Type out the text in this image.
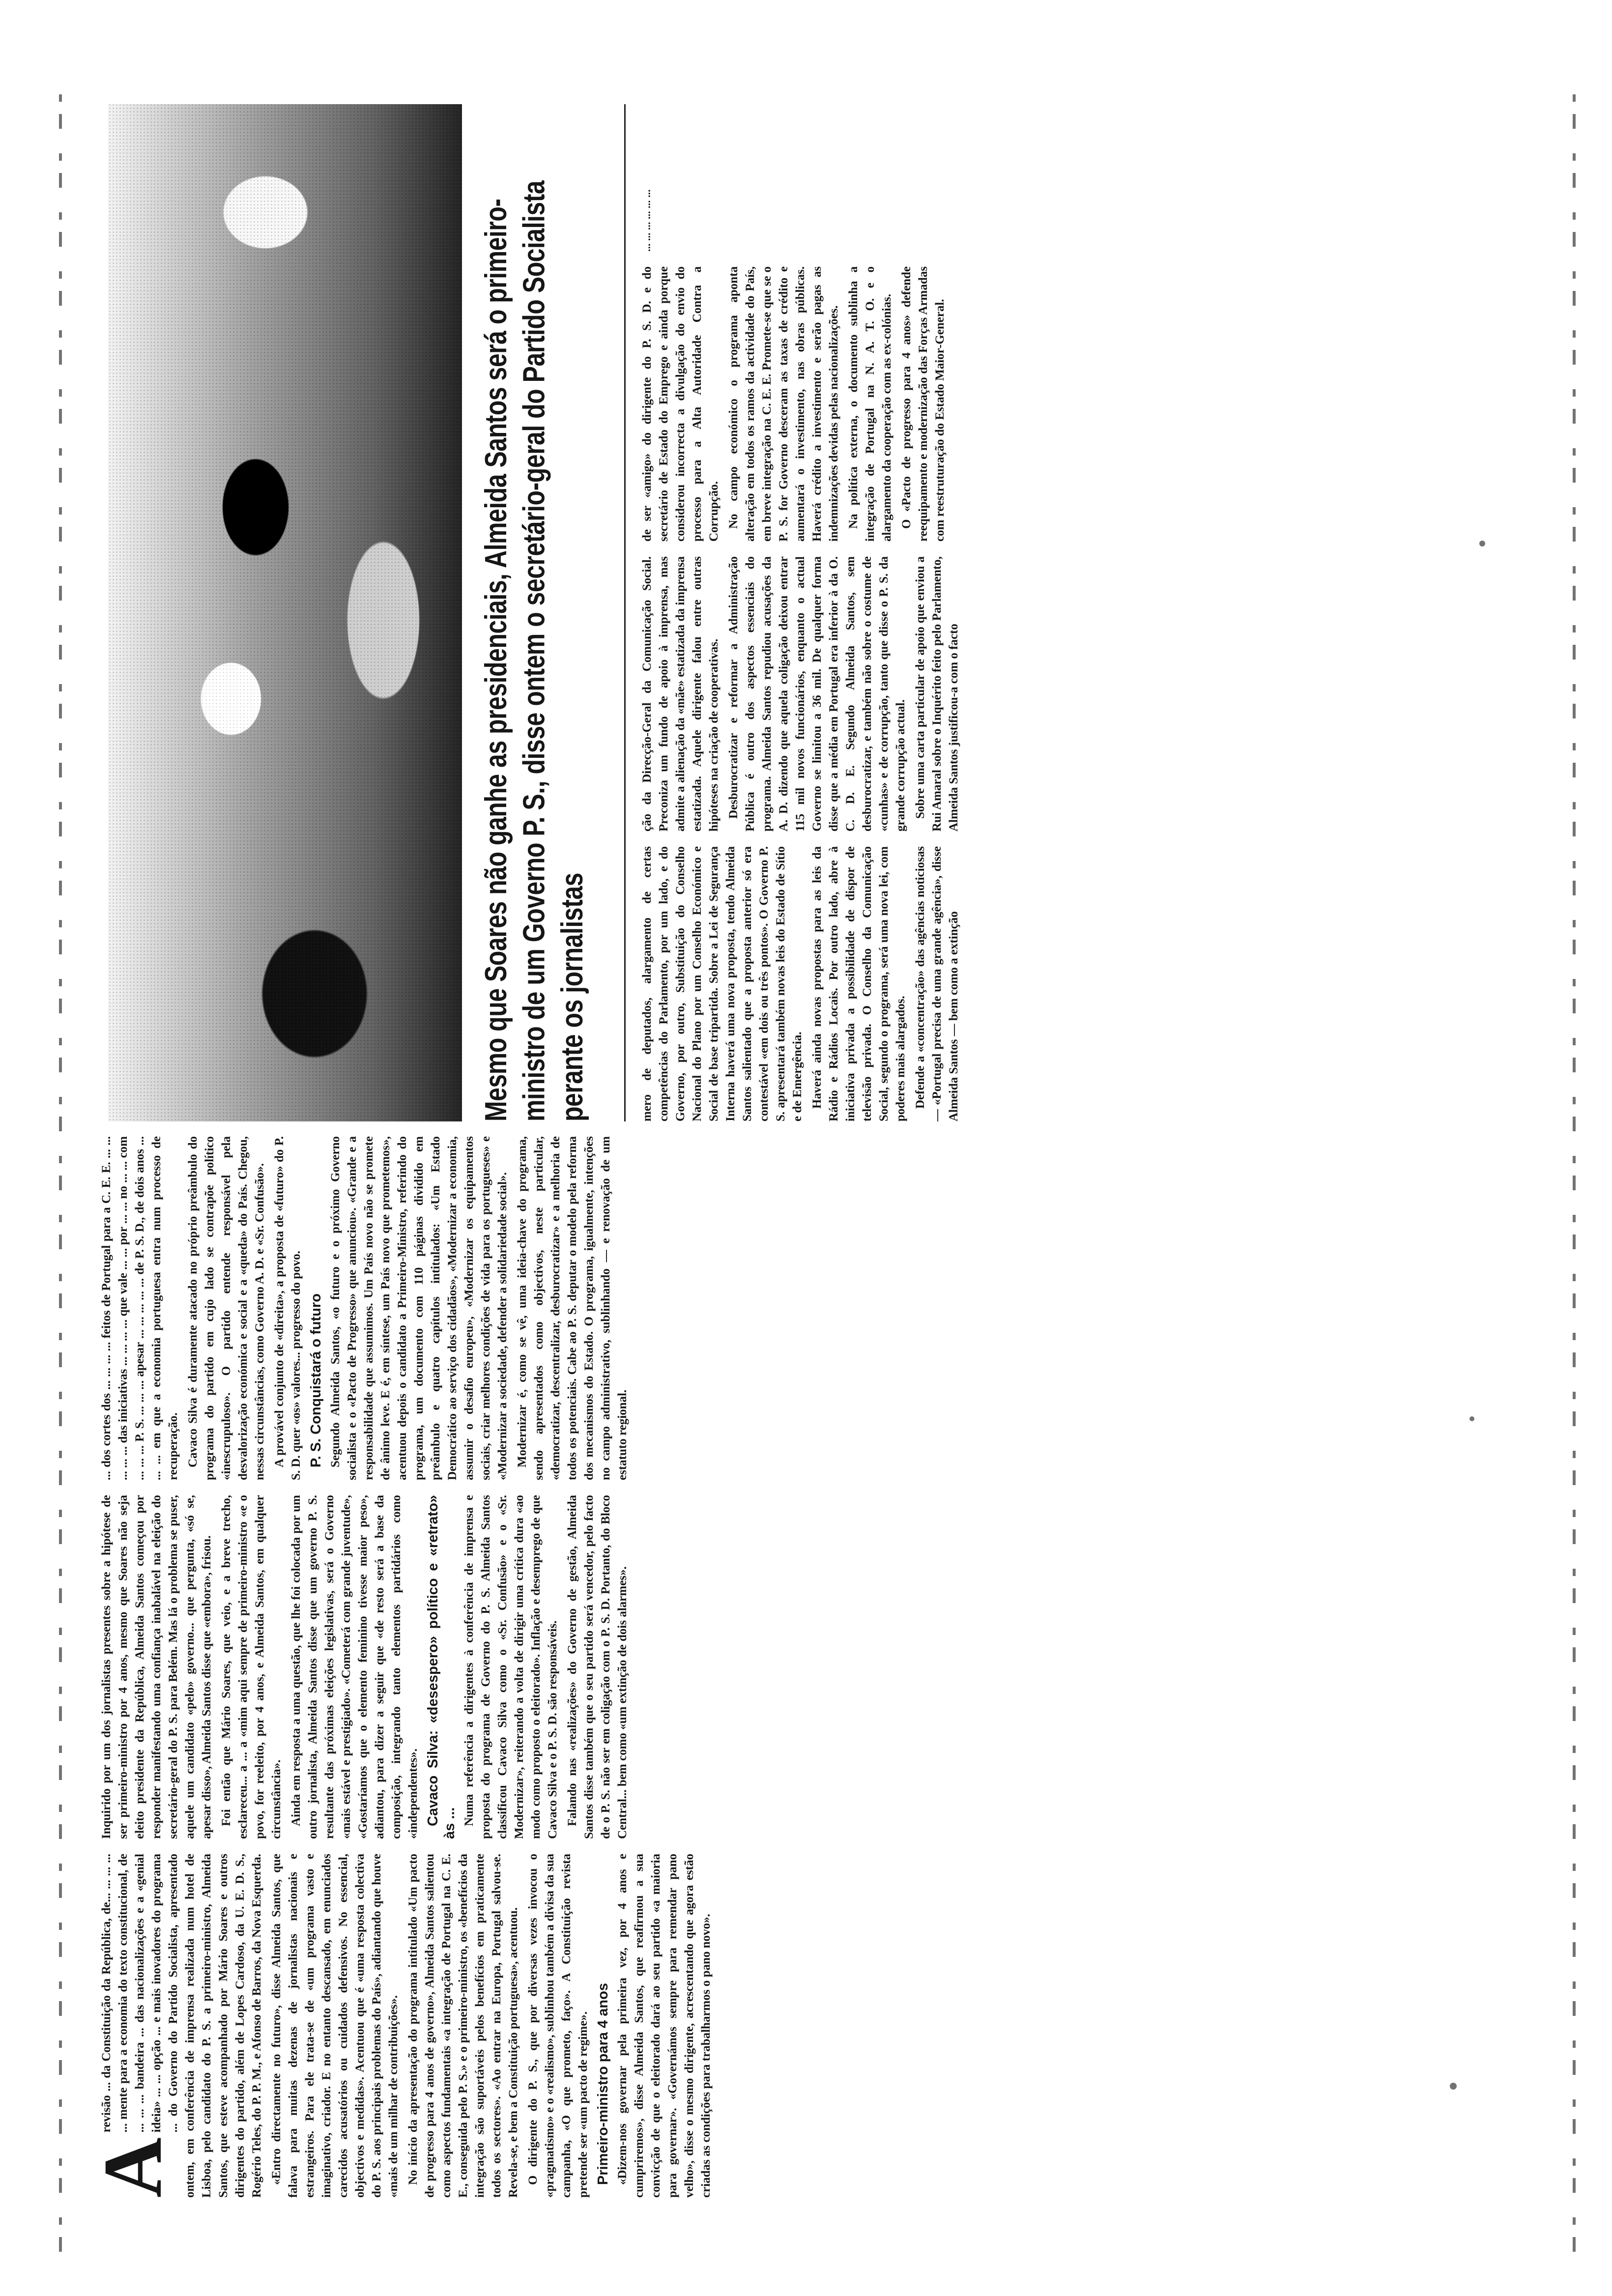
A
revisão ... da Constituição da República, de... ... ... ... ... mente para a economia do texto constitucional, de ... ... ... bandeira ... das nacionalizações e a «genial ideia» ... ... opção ... e mais inovadores do programa ... do Governo do Partido Socialista, apresentado ontem, em conferência de imprensa realizada num hotel de Lisboa, pelo candidato do P. S. a primeiro-ministro, Almeida Santos, que esteve acompanhado por Mário Soares e outros dirigentes do partido, além de Lopes Cardoso, da U. E. D. S., Rogério Teles, do P. P. M., e Afonso de Barros, da Nova Esquerda. «Entro directamente no futuro», disse Almeida Santos, que falava para muitas dezenas de jornalistas nacionais e estrangeiros. Para ele trata-se de «um programa vasto e imaginativo, criador. E no entanto descansado, em enunciados carecidos acusatórios ou cuidados defensivos. No essencial, objectivos e medidas». Acentuou que é «uma resposta colectiva do P. S. aos principais problemas do País», adiantando que houve «mais de um milhar de contribuições». No início da apresentação do programa intitulado «Um pacto de progresso para 4 anos de governo», Almeida Santos salientou como aspectos fundamentais «a integração de Portugal na C. E. E., conseguida pelo P. S.» e o primeiro-ministro, os «benefícios da integração são suportáveis pelos benefícios em praticamente todos os sectores». «Ao entrar na Europa, Portugal salvou-se. Revela-se, e bem a Constituição portuguesa», acentuou. O dirigente do P. S., que por diversas vezes invocou o «pragmatismo» e o «realismo», sublinhou também a divisa da sua campanha, «O que prometo, faço». A Constituição revista pretende ser «um pacto de regime». Primeiro-ministro para 4 anos «Dizem-nos governar pela primeira vez, por 4 anos e cumpriremos», disse Almeida Santos, que reafirmou a sua convicção de que o eleitorado dará ao seu partido «a maioria para governar». «Governámos sempre para remendar pano velho», disse o mesmo dirigente, acrescentando que agora estão criadas as condições para trabalharmos o pano novo».

Inquirido por um dos jornalistas presentes sobre a hipótese de ser primeiro-ministro por 4 anos, mesmo que Soares não seja eleito presidente da República, Almeida Santos começou por responder manifestando uma confiança inabalável na eleição do secretário-geral do P. S. para Belém. Mas lá o problema se puser, aquele um candidato «pelo» governo... que pergunta, «só se, apesar disso», Almeida Santos disse que «embora», frisou. Foi então que Mário Soares, que veio, e a breve trecho, esclareceu... a ... a «mim aqui sempre de primeiro-ministro «e o povo, for reeleito, por 4 anos, e Almeida Santos, em qualquer circunstância». Ainda em resposta a uma questão, que lhe foi colocada por um outro jornalista, Almeida Santos disse que um governo P. S. resultante das próximas eleições legislativas, será o Governo «mais estável e prestigiado». «Cometerá com grande juventude», «Gostaríamos que o elemento feminino tivesse maior peso», adiantou, para dizer a seguir que «de resto será a base da composição, integrando tanto elementos partidários como «independentes». Cavaco Silva: «desespero» político e «retrato» às ... Numa referência a dirigentes à conferência de imprensa e proposta do programa de Governo do P. S. Almeida Santos classificou Cavaco Silva como o «Sr. Confusão» e o «Sr. Modernizar», reiterando a volta de dirigir uma crítica dura «ao modo como proposto o eleitorado». Inflação e desemprego de que Cavaco Silva e o P. S. D. são responsáveis. Falando nas «realizações» do Governo de gestão, Almeida Santos disse também que o seu partido será vencedor, pelo facto de o P. S. não ser em coligação com o P. S. D. Portanto, do Bloco Central... bem como «um extinção de dois alarmes».

... dos cortes dos ... ... ... ... feitos de Portugal para a C. E. E. ... ... ... ... ... das iniciativas ... ... ... ... que vale ... ... por ... ... no ... ... com ... ... ... P. S. ... ... ... apesar ... ... ... ... ... de P. S. D., de dois anos ... ... ... em que a economia portuguesa entra num processo de recuperação. Cavaco Silva é duramente atacado no próprio preâmbulo do programa do partido em cujo lado se contrapõe político «inescrupuloso». O partido entende responsável pela desvalorização económica e social e a «queda» do País. Chegou, nessas circunstâncias, como Governo A. D. e «Sr. Confusão». A provável conjunto de «direita», a proposta de «futuro» do P. S. D. quer «os» valores... progresso do povo. P. S. Conquistará o futuro Segundo Almeida Santos, «o futuro e o próximo Governo socialista e o «Pacto de Progresso» que anunciou». «Grande e a responsabilidade que assumimos. Um País novo não se promete de ânimo leve. E é, em síntese, um País novo que prometemos», acentuou depois o candidato a Primeiro-Ministro, referindo do programa, um documento com 110 páginas dividido em preâmbulo e quatro capítulos intitulados: «Um Estado Democrático ao serviço dos cidadãos», «Modernizar a economia, assumir o desafio europeu», «Modernizar os equipamentos sociais, criar melhores condições de vida para os portugueses» e «Modernizar a sociedade, defender a solidariedade social». Modernizar é, como se vê, uma ideia-chave do programa, sendo apresentados como objectivos, neste particular, «democratizar, descentralizar, desburocratizar» e a melhoria de todos os potenciais. Cabe ao P. S. deputar o modelo pela reforma dos mecanismos do Estado. O programa, igualmente, intenções no campo administrativo, sublinhando — e renovação de um estatuto regional.

Mesmo que Soares não ganhe as presidenciais, Almeida Santos será o primeiro-ministro de um Governo P. S., disse ontem o secretário-geral do Partido Socialista perante os jornalistas	mero de deputados, alargamento de certas competências do Parlamento, por um lado, e do Governo, por outro, Substituição do Conselho Nacional do Plano por um Conselho Económico e Social de base tripartida. Sobre a Lei de Segurança Interna haverá uma nova proposta, tendo Almeida Santos salientado que a proposta anterior só era contestável «em dois ou três pontos». O Governo P. S. apresentará também novas leis do Estado de Sítio e de Emergência. Haverá ainda novas propostas para as leis da Rádio e Rádios Locais. Por outro lado, abre à iniciativa privada a possibilidade de dispor de televisão privada. O Conselho da Comunicação Social, segundo o programa, será uma nova lei, com poderes mais alargados. Defende a «concentração» das agências noticiosas — «Portugal precisa de uma grande agência», disse Almeida Santos — bem como a extinção

ção da Direcção-Geral da Comunicação Social. Preconiza um fundo de apoio à imprensa, mas admite a alienação da «mãe» estatizada da imprensa estatizada. Aquele dirigente falou entre outras hipóteses na criação de cooperativas. Desburocratizar e reformar a Administração Pública é outro dos aspectos essenciais do programa. Almeida Santos repudiou acusações da A. D. dizendo que aquela coligação deixou entrar 115 mil novos funcionários, enquanto o actual Governo se limitou a 36 mil. De qualquer forma disse que a média em Portugal era inferior à da O. C. D. E. Segundo Almeida Santos, sem desburocratizar, e também não sobre o costume de «cunhas» e de corrupção, tanto que disse o P. S. da grande corrupção actual. Sobre uma carta particular de apoio que enviou a Rui Amaral sobre o Inquérito feito pelo Parlamento, Almeida Santos justificou-a com o facto

de ser «amigo» do dirigente do P. S. D. e do secretário de Estado do Emprego e ainda porque considerou incorrecta a divulgação do envio do processo para a Alta Autoridade Contra a Corrupção. No campo económico o programa aponta alteração em todos os ramos da actividade do País, em breve integração na C. E. E. Promete-se que se o P. S. for Governo desceram as taxas de crédito e aumentará o investimento, nas obras públicas. Haverá crédito a investimento e serão pagas as indemnizações devidas pelas nacionalizações. Na política externa, o documento sublinha a integração de Portugal na N. A. T. O. e o alargamento da cooperação com as ex-colónias. O «Pacto de progresso para 4 anos» defende reequipamento e modernização das Forças Armadas com reestruturação do Estado Maior-General.

... ... ... ... ... ...
